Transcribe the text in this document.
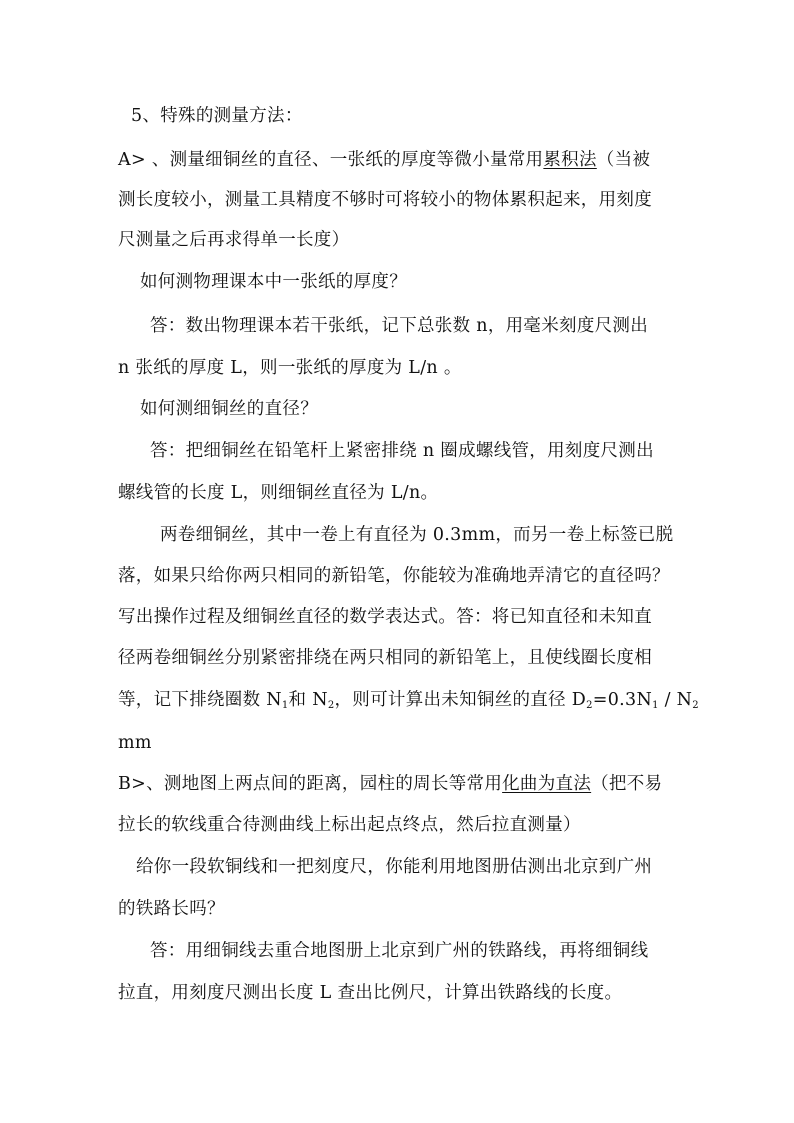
5、特殊的测量方法：
A> 、测量细铜丝的直径、一张纸的厚度等微小量常用累积法（当被
测长度较小，测量工具精度不够时可将较小的物体累积起来，用刻度
尺测量之后再求得单一长度）
如何测物理课本中一张纸的厚度？
答：数出物理课本若干张纸，记下总张数 n，用毫米刻度尺测出
n 张纸的厚度 L，则一张纸的厚度为 L/n 。
如何测细铜丝的直径？
答：把细铜丝在铅笔杆上紧密排绕 n 圈成螺线管，用刻度尺测出
螺线管的长度 L，则细铜丝直径为 L/n。
两卷细铜丝，其中一卷上有直径为 0.3mm，而另一卷上标签已脱
落，如果只给你两只相同的新铅笔，你能较为准确地弄清它的直径吗？
写出操作过程及细铜丝直径的数学表达式。答：将已知直径和未知直
径两卷细铜丝分别紧密排绕在两只相同的新铅笔上，且使线圈长度相
等，记下排绕圈数 $N_1$和 $N_2$，则可计算出未知铜丝的直径 $D_2=0.3N_1 / N_2$
mm
B>、测地图上两点间的距离，园柱的周长等常用化曲为直法（把不易
拉长的软线重合待测曲线上标出起点终点，然后拉直测量）
给你一段软铜线和一把刻度尺，你能利用地图册估测出北京到广州
的铁路长吗？
答：用细铜线去重合地图册上北京到广州的铁路线，再将细铜线
拉直，用刻度尺测出长度 L 查出比例尺，计算出铁路线的长度。
